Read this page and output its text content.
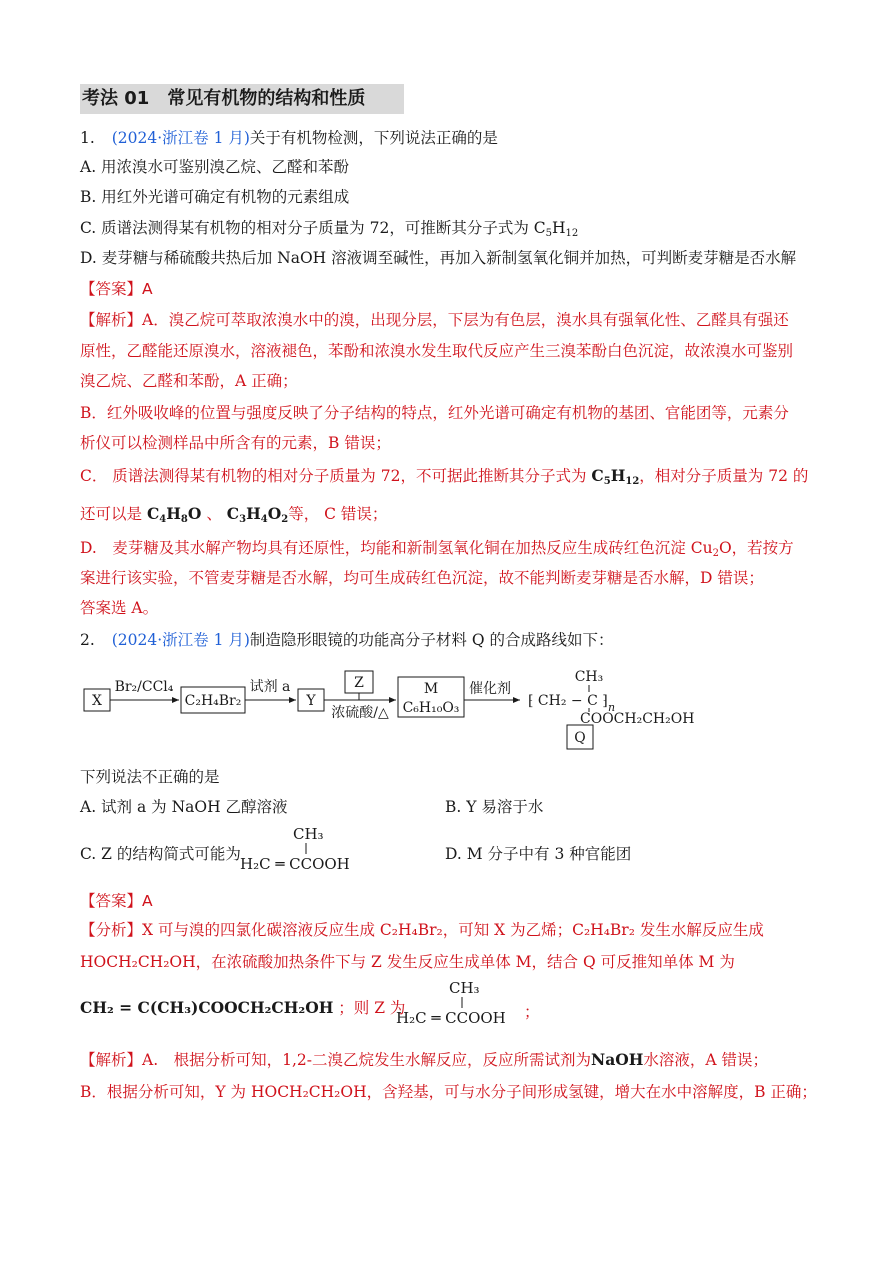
考法 01　常见有机物的结构和性质
1. (2024·浙江卷 1 月)关于有机物检测，下列说法正确的是
A. 用浓溴水可鉴别溴乙烷、乙醛和苯酚
B. 用红外光谱可确定有机物的元素组成
C. 质谱法测得某有机物的相对分子质量为 72，可推断其分子式为 $C_5H_{12}$
D. 麦芽糖与稀硫酸共热后加 NaOH 溶液调至碱性，再加入新制氢氧化铜并加热，可判断麦芽糖是否水解
【答案】A
【解析】A．溴乙烷可萃取浓溴水中的溴，出现分层，下层为有色层，溴水具有强氧化性、乙醛具有强还
原性，乙醛能还原溴水，溶液褪色，苯酚和浓溴水发生取代反应产生三溴苯酚白色沉淀，故浓溴水可鉴别
溴乙烷、乙醛和苯酚，A 正确；
B．红外吸收峰的位置与强度反映了分子结构的特点，红外光谱可确定有机物的基团、官能团等，元素分
析仪可以检测样品中所含有的元素，B 错误；
C． 质谱法测得某有机物的相对分子质量为 72，不可据此推断其分子式为 $C_5H_{12}$，相对分子质量为 72 的
还可以是 $C_4H_8O$ 、 $C_3H_4O_2$等， C 错误；
D.　麦芽糖及其水解产物均具有还原性，均能和新制氢氧化铜在加热反应生成砖红色沉淀 $Cu_2O$，若按方
案进行该实验，不管麦芽糖是否水解，均可生成砖红色沉淀，故不能判断麦芽糖是否水解，D 错误；
答案选 A。
2. (2024·浙江卷 1 月)制造隐形眼镜的功能高分子材料 Q 的合成路线如下：
X
Br₂/CCl₄
C₂H₄Br₂
试剂 a
Y
Z
浓硫酸/△
M
C₆H₁₀O₃
催化剂
CH₃
⁅ CH₂ − C ⁆ n
COOCH₂CH₂OH
Q
下列说法不正确的是
A. 试剂 a 为 NaOH 乙醇溶液	B. Y 易溶于水
C. Z 的结构简式可能为
CH₃
H₂C ═ CCOOH
D. M 分子中有 3 种官能团
【答案】A
【分析】X 可与溴的四氯化碳溶液反应生成 C₂H₄Br₂，可知 X 为乙烯；C₂H₄Br₂ 发生水解反应生成
HOCH₂CH₂OH，在浓硫酸加热条件下与 Z 发生反应生成单体 M，结合 Q 可反推知单体 M 为
CH₂ = C(CH₃)COOCH₂CH₂OH ；则 Z 为
CH₃
H₂C ═ CCOOH ；
【解析】A.　根据分析可知，1,2-二溴乙烷发生水解反应，反应所需试剂为NaOH水溶液，A 错误；
B．根据分析可知，Y 为 HOCH₂CH₂OH，含羟基，可与水分子间形成氢键，增大在水中溶解度，B 正确；
